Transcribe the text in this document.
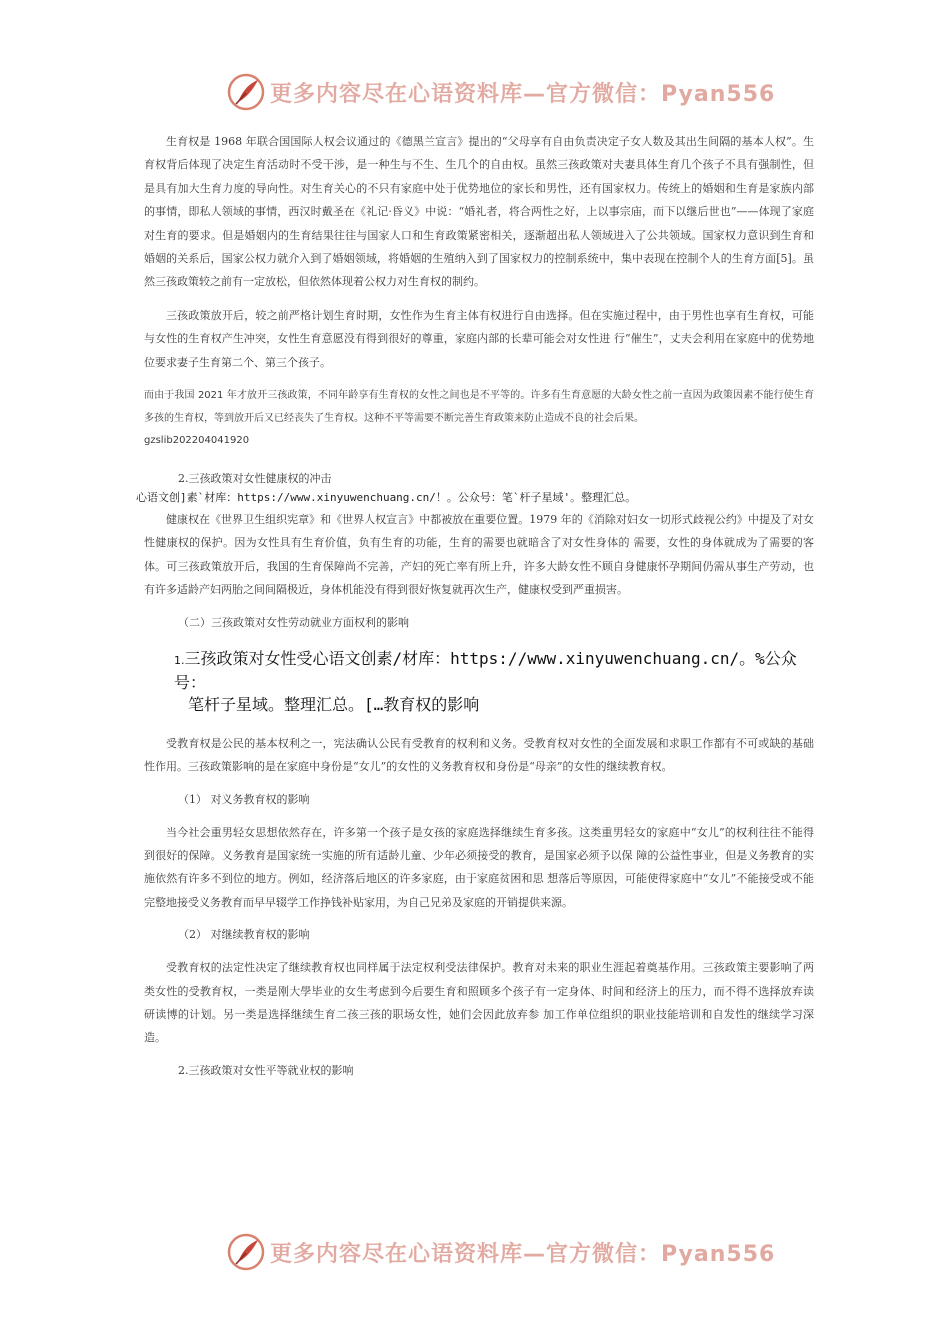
更多内容尽在心语资料库—官方微信：Pyan556

生育权是 1968 年联合国国际人权会议通过的《德黑兰宣言》提出的“父母享有自由负责决定子女人数及其出生间隔的基本人权”。生育权背后体现了决定生育活动时不受干涉，是一种生与不生、生几个的自由权。虽然三孩政策对夫妻具体生育几个孩子不具有强制性，但是具有加大生育力度的导向性。对生育关心的不只有家庭中处于优势地位的家长和男性，还有国家权力。传统上的婚姻和生育是家族内部的事情，即私人领域的事情，西汉时戴圣在《礼记·昏义》中说：“婚礼者，将合两性之好，上以事宗庙，而下以继后世也”——体现了家庭对生育的要求。但是婚姻内的生育结果往往与国家人口和生育政策紧密相关，逐渐超出私人领域进入了公共领域。国家权力意识到生育和婚姻的关系后，国家公权力就介入到了婚姻领域，将婚姻的生殖纳入到了国家权力的控制系统中，集中表现在控制个人的生育方面[5]。虽然三孩政策较之前有一定放松，但依然体现着公权力对生育权的制约。

三孩政策放开后，较之前严格计划生育时期，女性作为生育主体有权进行自由选择。但在实施过程中，由于男性也享有生育权，可能与女性的生育权产生冲突，女性生育意愿没有得到很好的尊重，家庭内部的长辈可能会对女性进 行“催生”，丈夫会利用在家庭中的优势地位要求妻子生育第二个、第三个孩子。

而由于我国 2021 年才放开三孩政策，不同年龄享有生育权的女性之间也是不平等的。许多有生育意愿的大龄女性之前一直因为政策因素不能行使生育多孩的生育权，等到放开后又已经丧失了生育权。这种不平等需要不断完善生育政策来防止造成不良的社会后果。

gzslib202204041920

2.三孩政策对女性健康权的冲击

心语文创]素`材库：https://www.xinyuwenchuang.cn/！。公众号：笔`杆子星域'。整理汇总。

健康权在《世界卫生组织宪章》和《世界人权宣言》中都被放在重要位置。1979 年的《消除对妇女一切形式歧视公约》中提及了对女性健康权的保护。因为女性具有生育价值，负有生育的功能，生育的需要也就暗含了对女性身体的 需要，女性的身体就成为了需要的客体。可三孩政策放开后，我国的生育保障尚不完善，产妇的死亡率有所上升，许多大龄女性不顾自身健康怀孕期间仍需从事生产劳动，也有许多适龄产妇两胎之间间隔极近，身体机能没有得到很好恢复就再次生产，健康权受到严重损害。

（二）三孩政策对女性劳动就业方面权利的影响

1.三孩政策对女性受心语文创素/材库：https://www.xinyuwenchuang.cn/。%公众号：
笔杆子星域。整理汇总。[…教育权的影响

受教育权是公民的基本权利之一，宪法确认公民有受教育的权利和义务。受教育权对女性的全面发展和求职工作都有不可或缺的基础性作用。三孩政策影响的是在家庭中身份是“女儿”的女性的义务教育权和身份是“母亲”的女性的继续教育权。

（1） 对义务教育权的影响

当今社会重男轻女思想依然存在，许多第一个孩子是女孩的家庭选择继续生育多孩。这类重男轻女的家庭中“女儿”的权利往往不能得到很好的保障。义务教育是国家统一实施的所有适龄儿童、少年必须接受的教育，是国家必须予以保 障的公益性事业，但是义务教育的实施依然有许多不到位的地方。例如，经济落后地区的许多家庭，由于家庭贫困和思 想落后等原因，可能使得家庭中“女儿”不能接受或不能完整地接受义务教育而早早辍学工作挣钱补贴家用，为自己兄弟及家庭的开销提供来源。

（2） 对继续教育权的影响

受教育权的法定性决定了继续教育权也同样属于法定权利受法律保护。教育对未来的职业生涯起着奠基作用。三孩政策主要影响了两类女性的受教育权，一类是刚大學毕业的女生考虑到今后要生育和照顾多个孩子有一定身体、时间和经济上的压力，而不得不选择放弃读研读博的计划。另一类是选择继续生育二孩三孩的职场女性，她们会因此放弃参 加工作单位组织的职业技能培训和自发性的继续学习深造。

2.三孩政策对女性平等就业权的影响

更多内容尽在心语资料库—官方微信：Pyan556
